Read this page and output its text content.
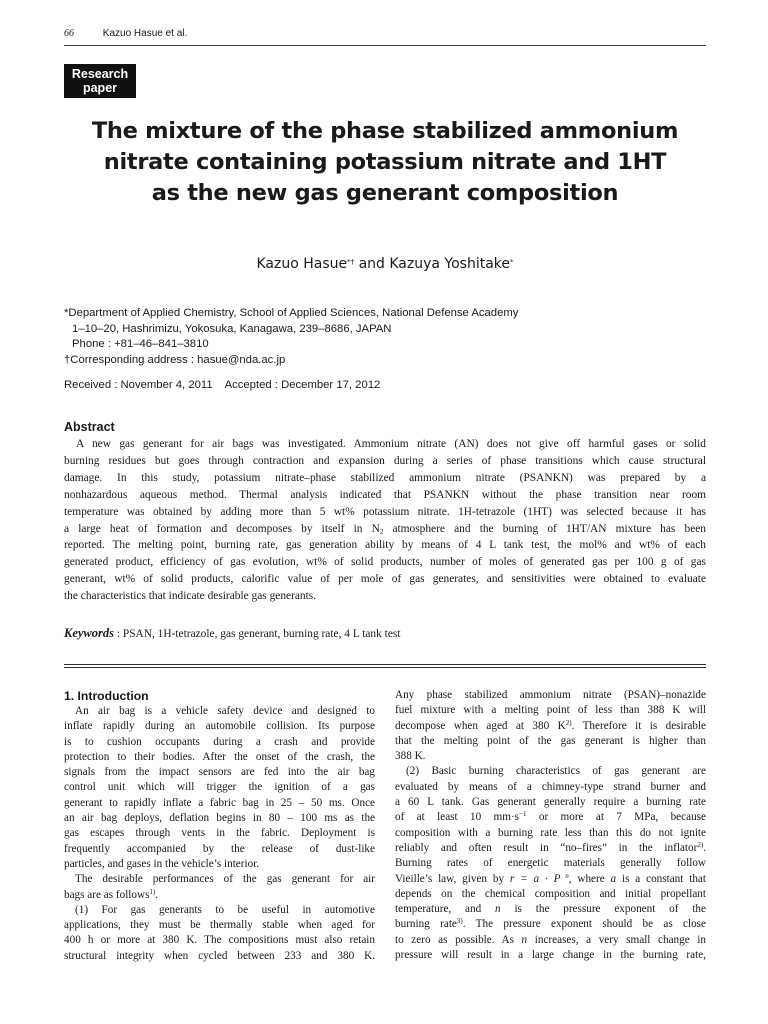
66	Kazuo Hasue et al.
Research
paper
The mixture of the phase stabilized ammonium
nitrate containing potassium nitrate and 1HT
as the new gas generant composition
Kazuo Hasue*† and Kazuya Yoshitake*
*Department of Applied Chemistry, School of Applied Sciences, National Defense Academy
1–10–20, Hashrimizu, Yokosuka, Kanagawa, 239–8686, JAPAN
Phone : +81–46–841–3810
†Corresponding address : hasue@nda.ac.jp
Received : November 4, 2011 Accepted : December 17, 2012
Abstract
A new gas generant for air bags was investigated. Ammonium nitrate (AN) does not give off harmful gases or solid
burning residues but goes through contraction and expansion during a series of phase transitions which cause structural
damage. In this study, potassium nitrate–phase stabilized ammonium nitrate (PSANKN) was prepared by a
nonhazardous aqueous method. Thermal analysis indicated that PSANKN without the phase transition near room
temperature was obtained by adding more than 5 wt% potassium nitrate. 1H-tetrazole (1HT) was selected because it has
a large heat of formation and decomposes by itself in $N_2$ atmosphere and the burning of 1HT/AN mixture has been
reported. The melting point, burning rate, gas generation ability by means of 4 L tank test, the mol% and wt% of each
generated product, efficiency of gas evolution, wt% of solid products, number of moles of generated gas per 100 g of gas
generant, wt% of solid products, calorific value of per mole of gas generates, and sensitivities were obtained to evaluate
the characteristics that indicate desirable gas generants.
Keywords : PSAN, 1H-tetrazole, gas generant, burning rate, 4 L tank test
1. Introduction
An air bag is a vehicle safety device and designed to
inflate rapidly during an automobile collision. Its purpose
is to cushion occupants during a crash and provide
protection to their bodies. After the onset of the crash, the
signals from the impact sensors are fed into the air bag
control unit which will trigger the ignition of a gas
generant to rapidly inflate a fabric bag in 25 – 50 ms. Once
an air bag deploys, deflation begins in 80 – 100 ms as the
gas escapes through vents in the fabric. Deployment is
frequently accompanied by the release of dust-like
particles, and gases in the vehicle’s interior.
The desirable performances of the gas generant for air
bags are as follows$^{1)}$.
(1) For gas generants to be useful in automotive
applications, they must be thermally stable when aged for
400 h or more at 380 K. The compositions must also retain
structural integrity when cycled between 233 and 380 K.
Any phase stabilized ammonium nitrate (PSAN)–nonazide
fuel mixture with a melting point of less than 388 K will
decompose when aged at 380 $K^{2)}$. Therefore it is desirable
that the melting point of the gas generant is higher than
388 K.
(2) Basic burning characteristics of gas generant are
evaluated by means of a chimney-type strand burner and
a 60 L tank. Gas generant generally require a burning rate
of at least 10 $mm\cdot s^{-1}$ or more at 7 MPa, because
composition with a burning rate less than this do not ignite
reliably and often result in “no–fires” in the inflator$^{2)}$.
Burning rates of energetic materials generally follow
Vieille’s law, given by r = a · P $^n$, where a is a constant that
depends on the chemical composition and initial propellant
temperature, and n is the pressure exponent of the
burning rate$^{3)}$. The pressure exponent should be as close
to zero as possible. As n increases, a very small change in
pressure will result in a large change in the burning rate,
